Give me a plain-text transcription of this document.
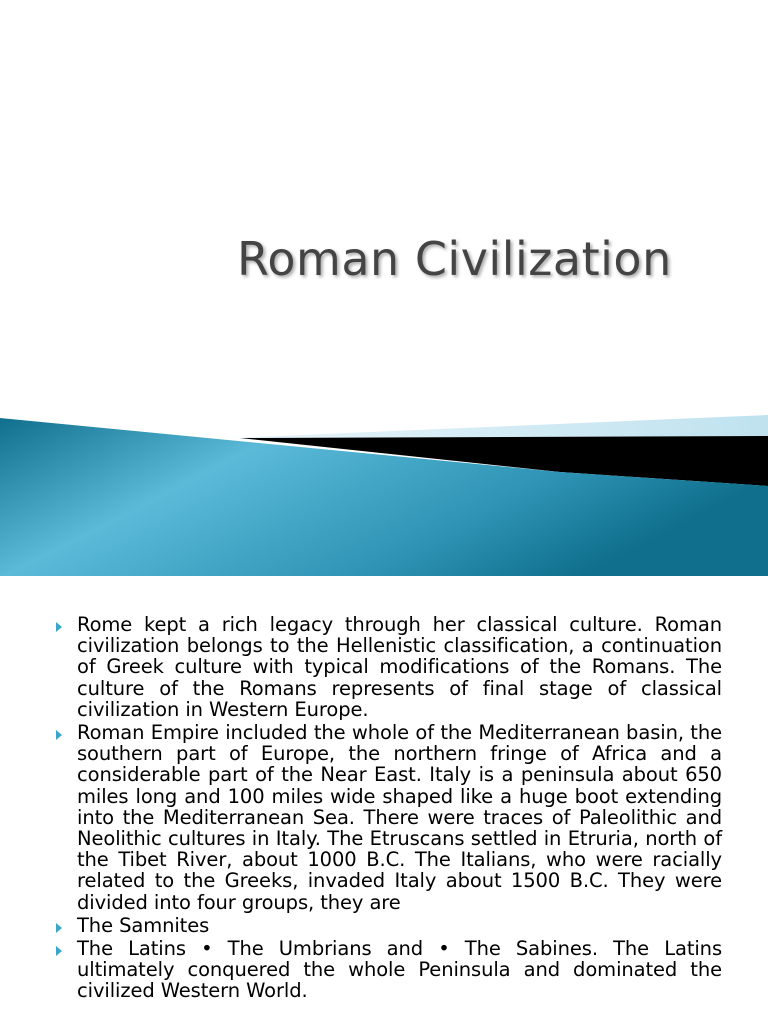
Roman Civilization
Rome kept a rich legacy through her classical culture. Roman civilization belongs to the Hellenistic classification, a continuation of Greek culture with typical modifications of the Romans. The culture of the Romans represents of final stage of classical civilization in Western Europe.
Roman Empire included the whole of the Mediterranean basin, the southern part of Europe, the northern fringe of Africa and a considerable part of the Near East. Italy is a peninsula about 650 miles long and 100 miles wide shaped like a huge boot extending into the Mediterranean Sea. There were traces of Paleolithic and Neolithic cultures in Italy. The Etruscans settled in Etruria, north of the Tibet River, about 1000 B.C. The Italians, who were racially related to the Greeks, invaded Italy about 1500 B.C. They were divided into four groups, they are
The Samnites
The Latins • The Umbrians and • The Sabines. The Latins ultimately conquered the whole Peninsula and dominated the civilized Western World.
